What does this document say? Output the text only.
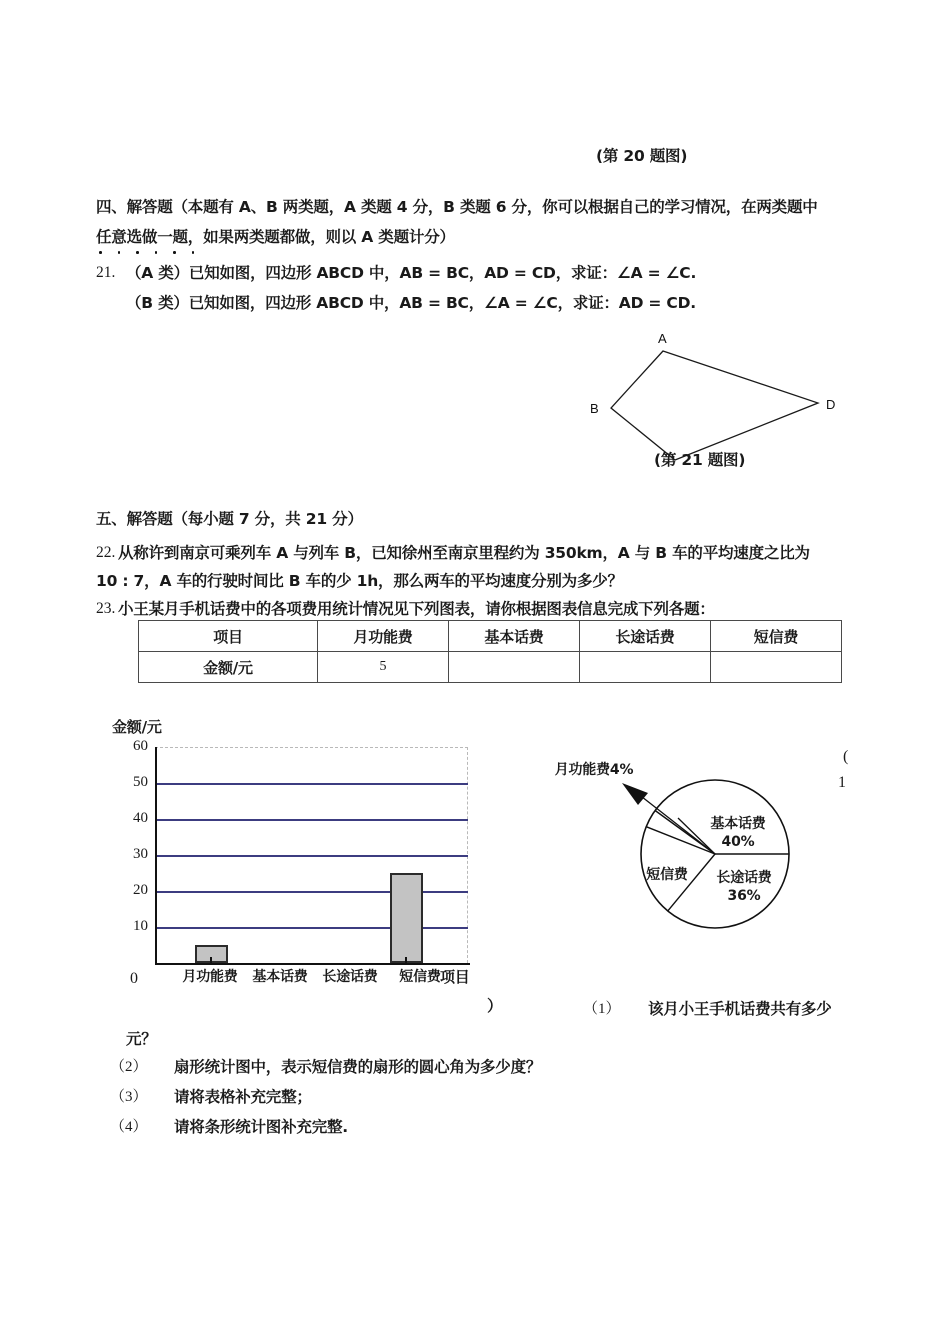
(第 20 题图)
四、解答题（本题有 A、B 两类题，A 类题 4 分，B 类题 6 分，你可以根据自己的学习情况，在两类题中
任意选做一题，如果两类题都做，则以 A 类题计分）
21. （A 类）已知如图，四边形 ABCD 中，AB = BC，AD = CD，求证：∠A = ∠C.
（B 类）已知如图，四边形 ABCD 中，AB = BC，∠A = ∠C，求证：AD = CD.
A
B	D
(第 21 题图)
五、解答题（每小题 7 分，共 21 分）
22. 从称许到南京可乘列车 A 与列车 B，已知徐州至南京里程约为 350km，A 与 B 车的平均速度之比为
10 : 7，A 车的行驶时间比 B 车的少 1h，那么两车的平均速度分别为多少？
23. 小王某月手机话费中的各项费用统计情况见下列图表，请你根据图表信息完成下列各题：
项目	月功能费	基本话费	长途话费	短信费
金额/元	5			
金额/元
60
50
40
30
20
10
月功能费	基本话费	长途话费	短信费
0	项目
基本话费
40%
长途话费
36%
短信费
月功能费4%
(
1
）	（1） 该月小王手机话费共有多少
元？
（2） 扇形统计图中，表示短信费的扇形的圆心角为多少度？
（3） 请将表格补充完整；
（4） 请将条形统计图补充完整.
